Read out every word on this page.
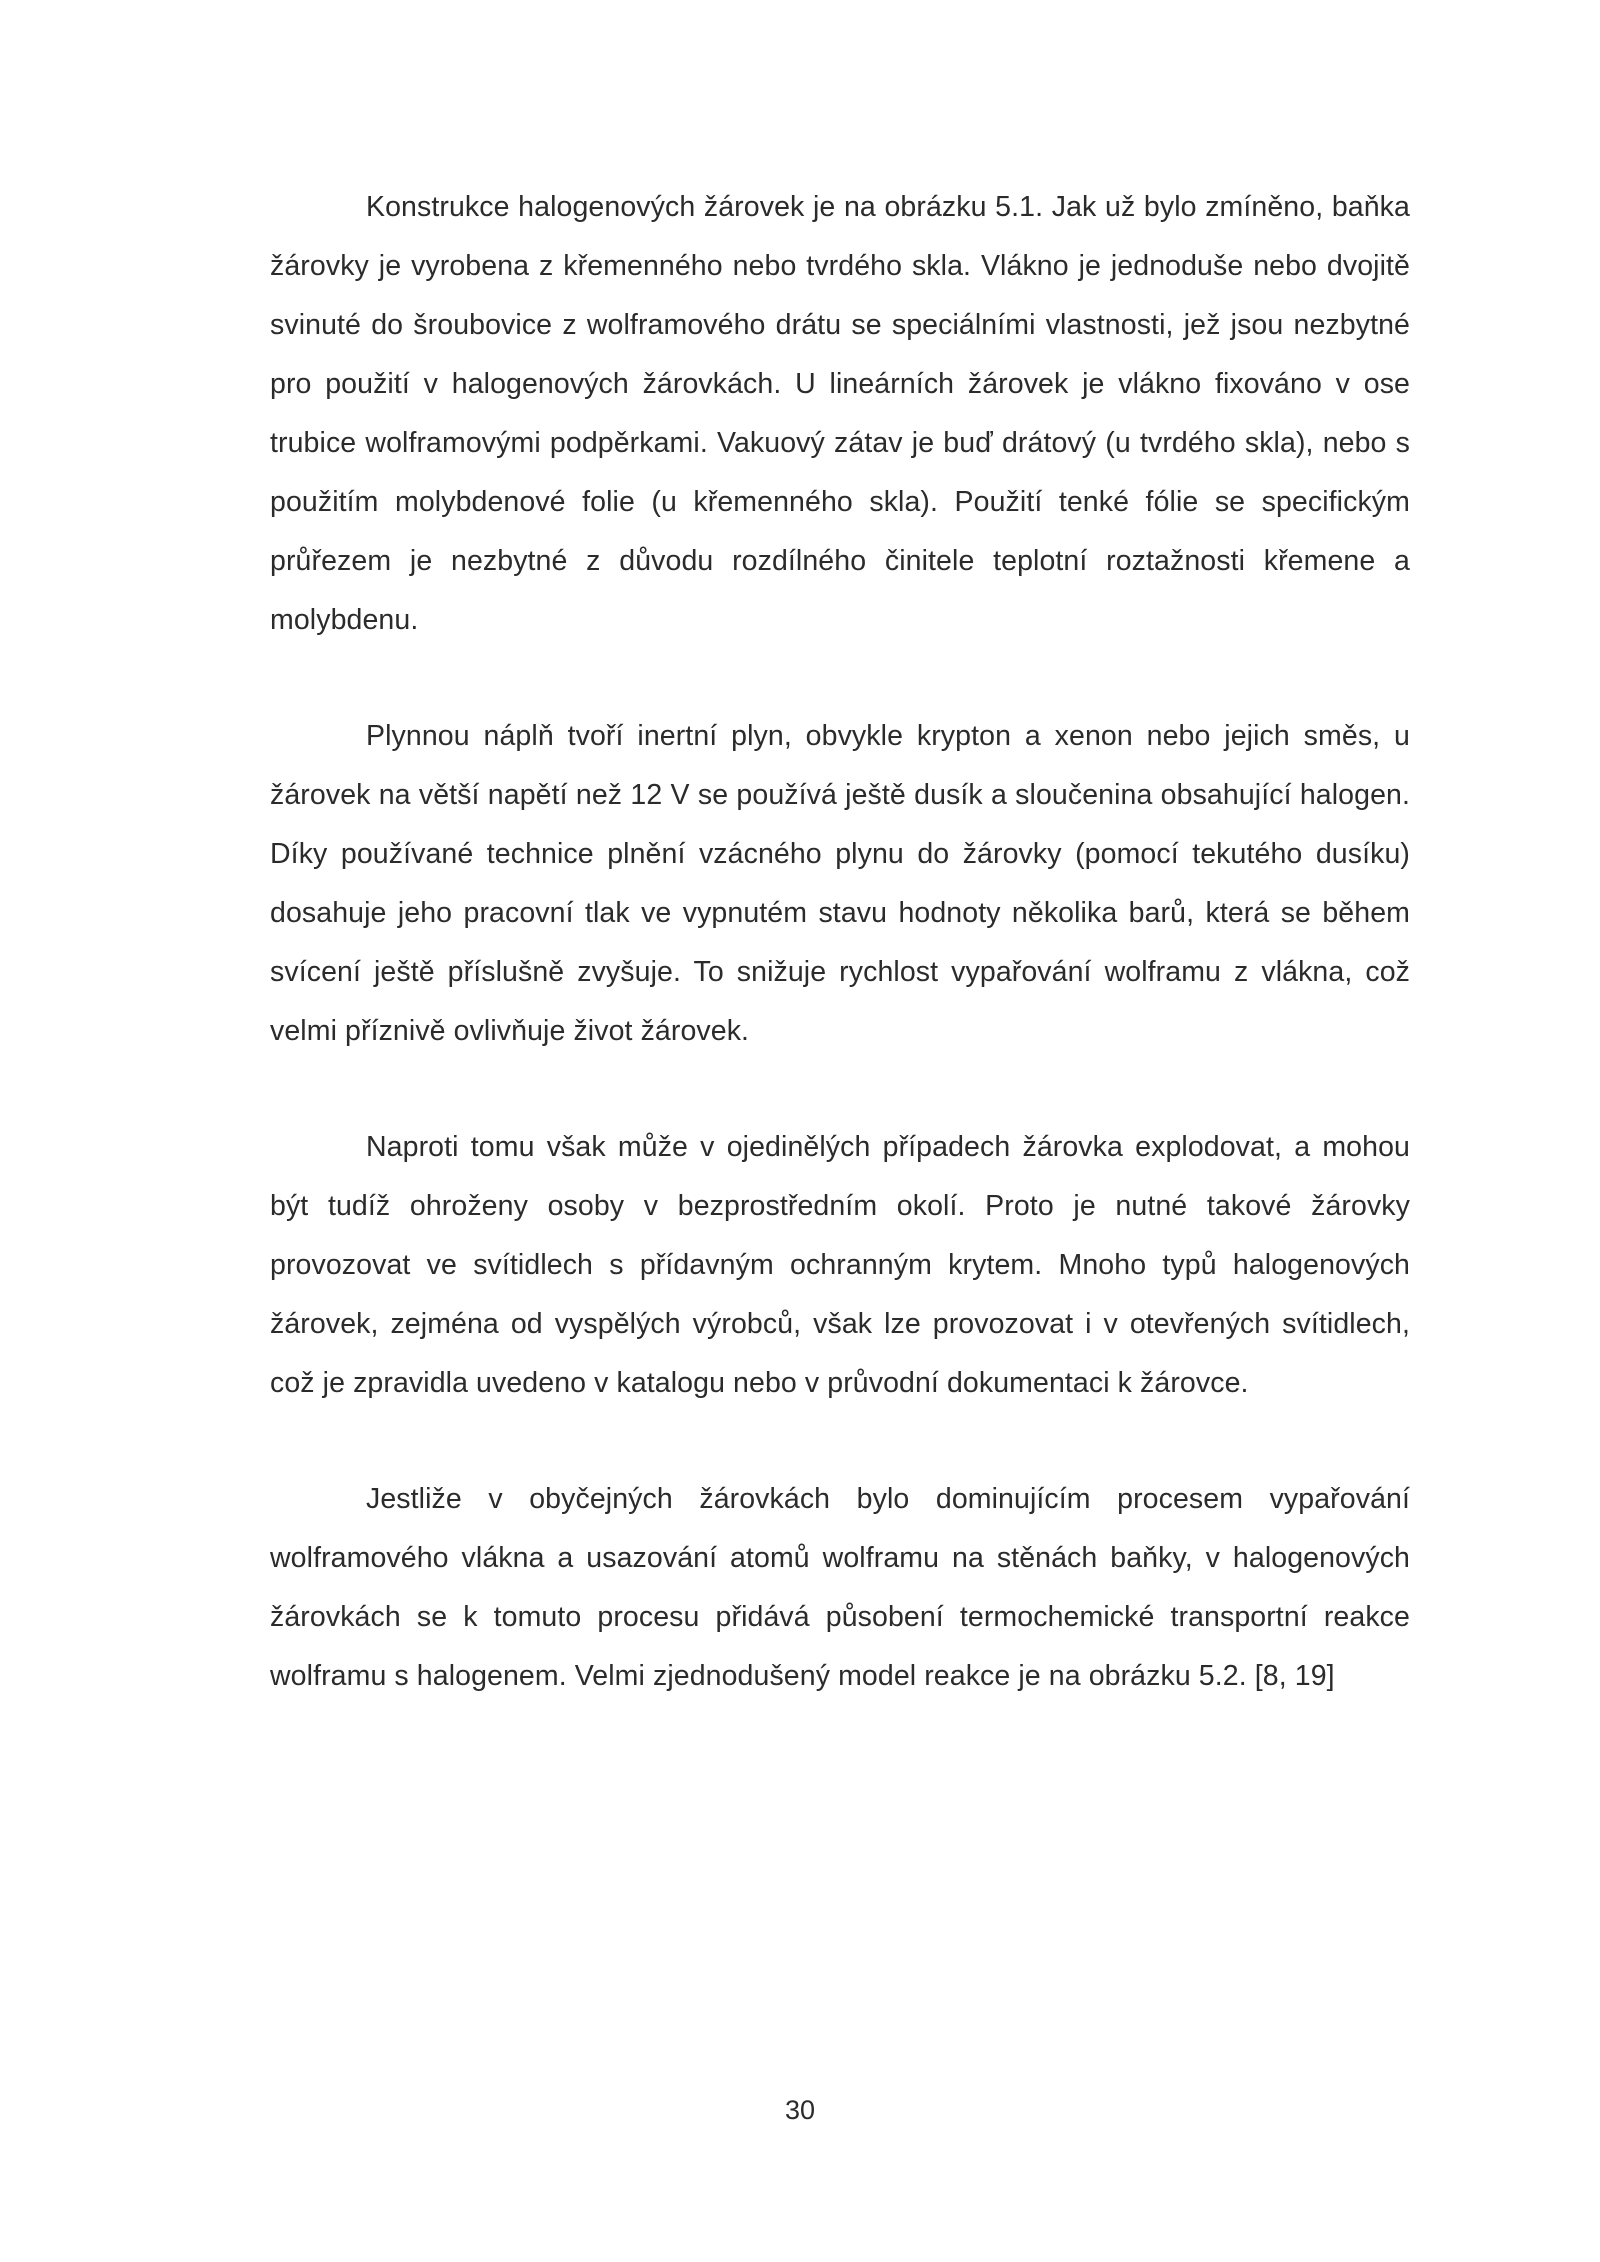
Konstrukce halogenových žárovek je na obrázku 5.1. Jak už bylo zmíněno, baňka žárovky je vyrobena z křemenného nebo tvrdého skla. Vlákno je jednoduše nebo dvojitě svinuté do šroubovice z wolframového drátu se speciálními vlastnosti, jež jsou nezbytné pro použití v halogenových žárovkách. U lineárních žárovek je vlákno fixováno v ose trubice wolframovými podpěrkami. Vakuový zátav je buď drátový (u tvrdého skla), nebo s použitím molybdenové folie (u křemenného skla). Použití tenké fólie se specifickým průřezem je nezbytné z důvodu rozdílného činitele teplotní roztažnosti křemene a molybdenu.

Plynnou náplň tvoří inertní plyn, obvykle krypton a xenon nebo jejich směs, u žárovek na větší napětí než 12 V se používá ještě dusík a sloučenina obsahující halogen. Díky používané technice plnění vzácného plynu do žárovky (pomocí tekutého dusíku) dosahuje jeho pracovní tlak ve vypnutém stavu hodnoty několika barů, která se během svícení ještě příslušně zvyšuje. To snižuje rychlost vypařování wolframu z vlákna, což velmi příznivě ovlivňuje život žárovek.

Naproti tomu však může v ojedinělých případech žárovka explodovat, a mohou být tudíž ohroženy osoby v bezprostředním okolí. Proto je nutné takové žárovky provozovat ve svítidlech s přídavným ochranným krytem. Mnoho typů halogenových žárovek, zejména od vyspělých výrobců, však lze provozovat i v otevřených svítidlech, což je zpravidla uvedeno v katalogu nebo v průvodní dokumentaci k žárovce.

Jestliže v obyčejných žárovkách bylo dominujícím procesem vypařování wolframového vlákna a usazování atomů wolframu na stěnách baňky, v halogenových žárovkách se k tomuto procesu přidává působení termochemické transportní reakce wolframu s halogenem. Velmi zjednodušený model reakce je na obrázku 5.2. [8, 19]

30
